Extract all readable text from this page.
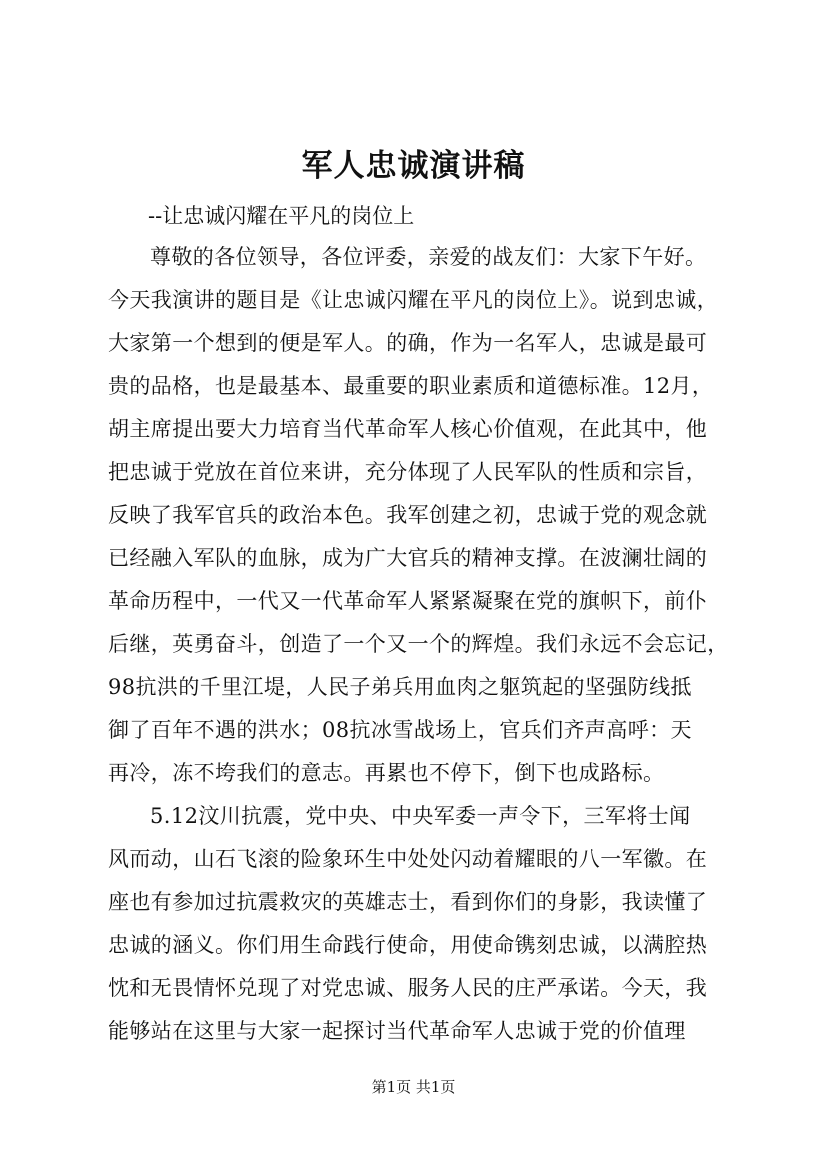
军人忠诚演讲稿

--让忠诚闪耀在平凡的岗位上

尊敬的各位领导，各位评委，亲爱的战友们：大家下午好。

今天我演讲的题目是《让忠诚闪耀在平凡的岗位上》。说到忠诚，

大家第一个想到的便是军人。的确，作为一名军人，忠诚是最可

贵的品格，也是最基本、最重要的职业素质和道德标准。12月，

胡主席提出要大力培育当代革命军人核心价值观，在此其中，他

把忠诚于党放在首位来讲，充分体现了人民军队的性质和宗旨，

反映了我军官兵的政治本色。我军创建之初，忠诚于党的观念就

已经融入军队的血脉，成为广大官兵的精神支撑。在波澜壮阔的

革命历程中，一代又一代革命军人紧紧凝聚在党的旗帜下，前仆

后继，英勇奋斗，创造了一个又一个的辉煌。我们永远不会忘记，

98抗洪的千里江堤，人民子弟兵用血肉之躯筑起的坚强防线抵

御了百年不遇的洪水；08抗冰雪战场上，官兵们齐声高呼：天

再冷，冻不垮我们的意志。再累也不停下，倒下也成路标。

5.12汶川抗震，党中央、中央军委一声令下，三军将士闻

风而动，山石飞滚的险象环生中处处闪动着耀眼的八一军徽。在

座也有参加过抗震救灾的英雄志士，看到你们的身影，我读懂了

忠诚的涵义。你们用生命践行使命，用使命镌刻忠诚，以满腔热

忱和无畏情怀兑现了对党忠诚、服务人民的庄严承诺。今天，我

能够站在这里与大家一起探讨当代革命军人忠诚于党的价值理

第1页 共1页
